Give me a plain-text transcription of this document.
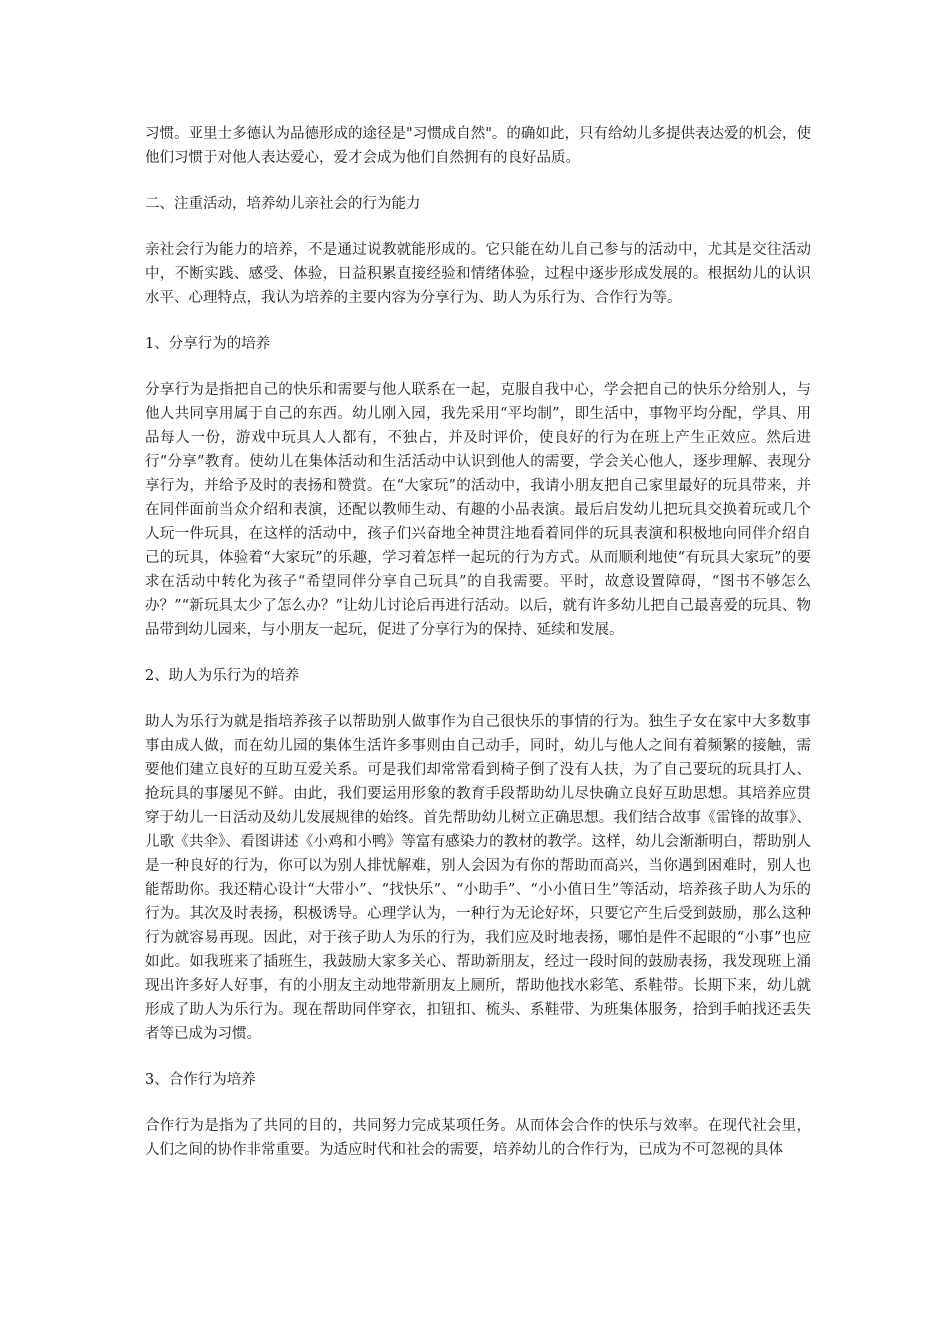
习惯。亚里士多德认为品德形成的途径是"习惯成自然"。的确如此，只有给幼儿多提供表达爱的机会，使他们习惯于对他人表达爱心，爱才会成为他们自然拥有的良好品质。

二、注重活动，培养幼儿亲社会的行为能力

亲社会行为能力的培养，不是通过说教就能形成的。它只能在幼儿自己参与的活动中，尤其是交往活动中，不断实践、感受、体验，日益积累直接经验和情绪体验，过程中逐步形成发展的。根据幼儿的认识水平、心理特点，我认为培养的主要内容为分享行为、助人为乐行为、合作行为等。

1、分享行为的培养

分享行为是指把自己的快乐和需要与他人联系在一起，克服自我中心，学会把自己的快乐分给别人，与他人共同享用属于自己的东西。幼儿刚入园，我先采用“平均制”，即生活中，事物平均分配，学具、用品每人一份，游戏中玩具人人都有，不独占，并及时评价，使良好的行为在班上产生正效应。然后进行“分享”教育。使幼儿在集体活动和生活活动中认识到他人的需要，学会关心他人，逐步理解、表现分享行为，并给予及时的表扬和赞赏。在“大家玩”的活动中，我请小朋友把自己家里最好的玩具带来，并在同伴面前当众介绍和表演，还配以教师生动、有趣的小品表演。最后启发幼儿把玩具交换着玩或几个人玩一件玩具，在这样的活动中，孩子们兴奋地全神贯注地看着同伴的玩具表演和积极地向同伴介绍自己的玩具，体验着“大家玩”的乐趣，学习着怎样一起玩的行为方式。从而顺利地使“有玩具大家玩”的要求在活动中转化为孩子“希望同伴分享自己玩具”的自我需要。平时，故意设置障碍，“图书不够怎么办？”“新玩具太少了怎么办？”让幼儿讨论后再进行活动。以后，就有许多幼儿把自己最喜爱的玩具、物品带到幼儿园来，与小朋友一起玩，促进了分享行为的保持、延续和发展。

2、助人为乐行为的培养

助人为乐行为就是指培养孩子以帮助别人做事作为自己很快乐的事情的行为。独生子女在家中大多数事事由成人做，而在幼儿园的集体生活许多事则由自己动手，同时，幼儿与他人之间有着频繁的接触，需要他们建立良好的互助互爱关系。可是我们却常常看到椅子倒了没有人扶，为了自己要玩的玩具打人、抢玩具的事屡见不鲜。由此，我们要运用形象的教育手段帮助幼儿尽快确立良好互助思想。其培养应贯穿于幼儿一日活动及幼儿发展规律的始终。首先帮助幼儿树立正确思想。我们结合故事《雷锋的故事》、儿歌《共伞》、看图讲述《小鸡和小鸭》等富有感染力的教材的教学。这样，幼儿会渐渐明白，帮助别人是一种良好的行为，你可以为别人排忧解难，别人会因为有你的帮助而高兴，当你遇到困难时，别人也能帮助你。我还精心设计“大带小”、“找快乐”、“小助手”、“小小值日生”等活动，培养孩子助人为乐的行为。其次及时表扬，积极诱导。心理学认为，一种行为无论好坏，只要它产生后受到鼓励，那么这种行为就容易再现。因此，对于孩子助人为乐的行为，我们应及时地表扬，哪怕是件不起眼的“小事”也应如此。如我班来了插班生，我鼓励大家多关心、帮助新朋友，经过一段时间的鼓励表扬，我发现班上涌现出许多好人好事，有的小朋友主动地带新朋友上厕所，帮助他找水彩笔、系鞋带。长期下来，幼儿就形成了助人为乐行为。现在帮助同伴穿衣，扣钮扣、梳头、系鞋带、为班集体服务，拾到手帕找还丢失者等已成为习惯。

3、合作行为培养

合作行为是指为了共同的目的，共同努力完成某项任务。从而体会合作的快乐与效率。在现代社会里，人们之间的协作非常重要。为适应时代和社会的需要，培养幼儿的合作行为，已成为不可忽视的具体
